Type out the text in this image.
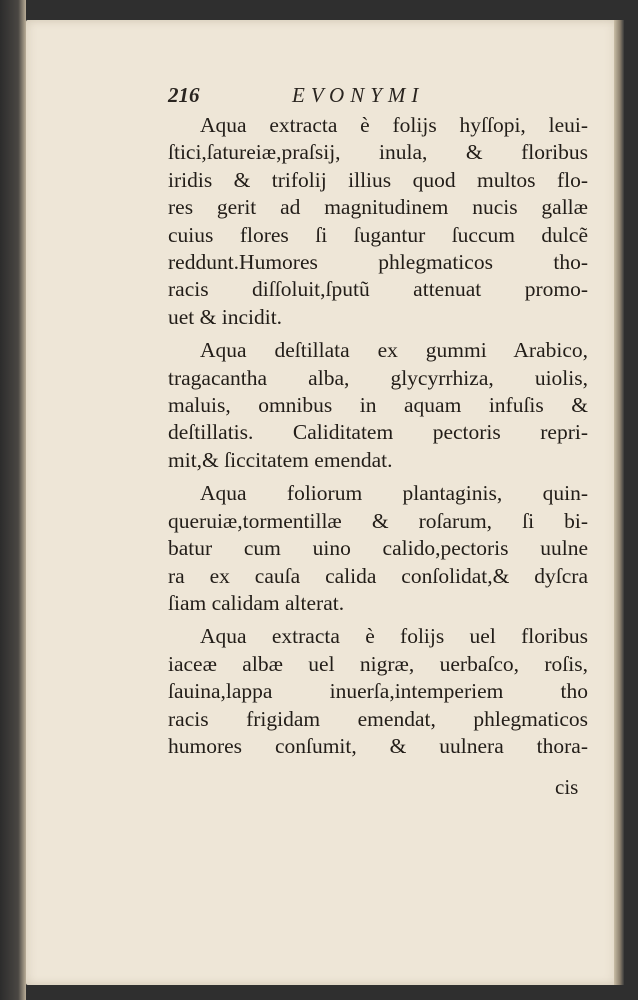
216	EVONYMI
Aqua extracta è folijs hyſſopi, leui-
ſtici,ſatureiæ,praſsij, inula, & floribus
iridis & trifolij illius quod multos flo-
res gerit ad magnitudinem nucis gallæ
cuius flores ſi ſugantur ſuccum dulcẽ
reddunt.Humores phlegmaticos tho-
racis diſſoluit,ſputũ attenuat promo-
uet & incidit.
Aqua deſtillata ex gummi Arabico,
tragacantha alba, glycyrrhiza, uiolis,
maluis, omnibus in aquam infuſis &
deſtillatis. Caliditatem pectoris repri-
mit,& ſiccitatem emendat.
Aqua foliorum plantaginis, quin-
queruiæ,tormentillæ & roſarum, ſi bi-
batur cum uino calido,pectoris uulne
ra ex cauſa calida conſolidat,& dyſcra
ſiam calidam alterat.
Aqua extracta è folijs uel floribus
iaceæ albæ uel nigræ, uerbaſco, roſis,
ſauina,lappa inuerſa,intemperiem tho
racis frigidam emendat, phlegmaticos
humores conſumit, & uulnera thora-
cis
